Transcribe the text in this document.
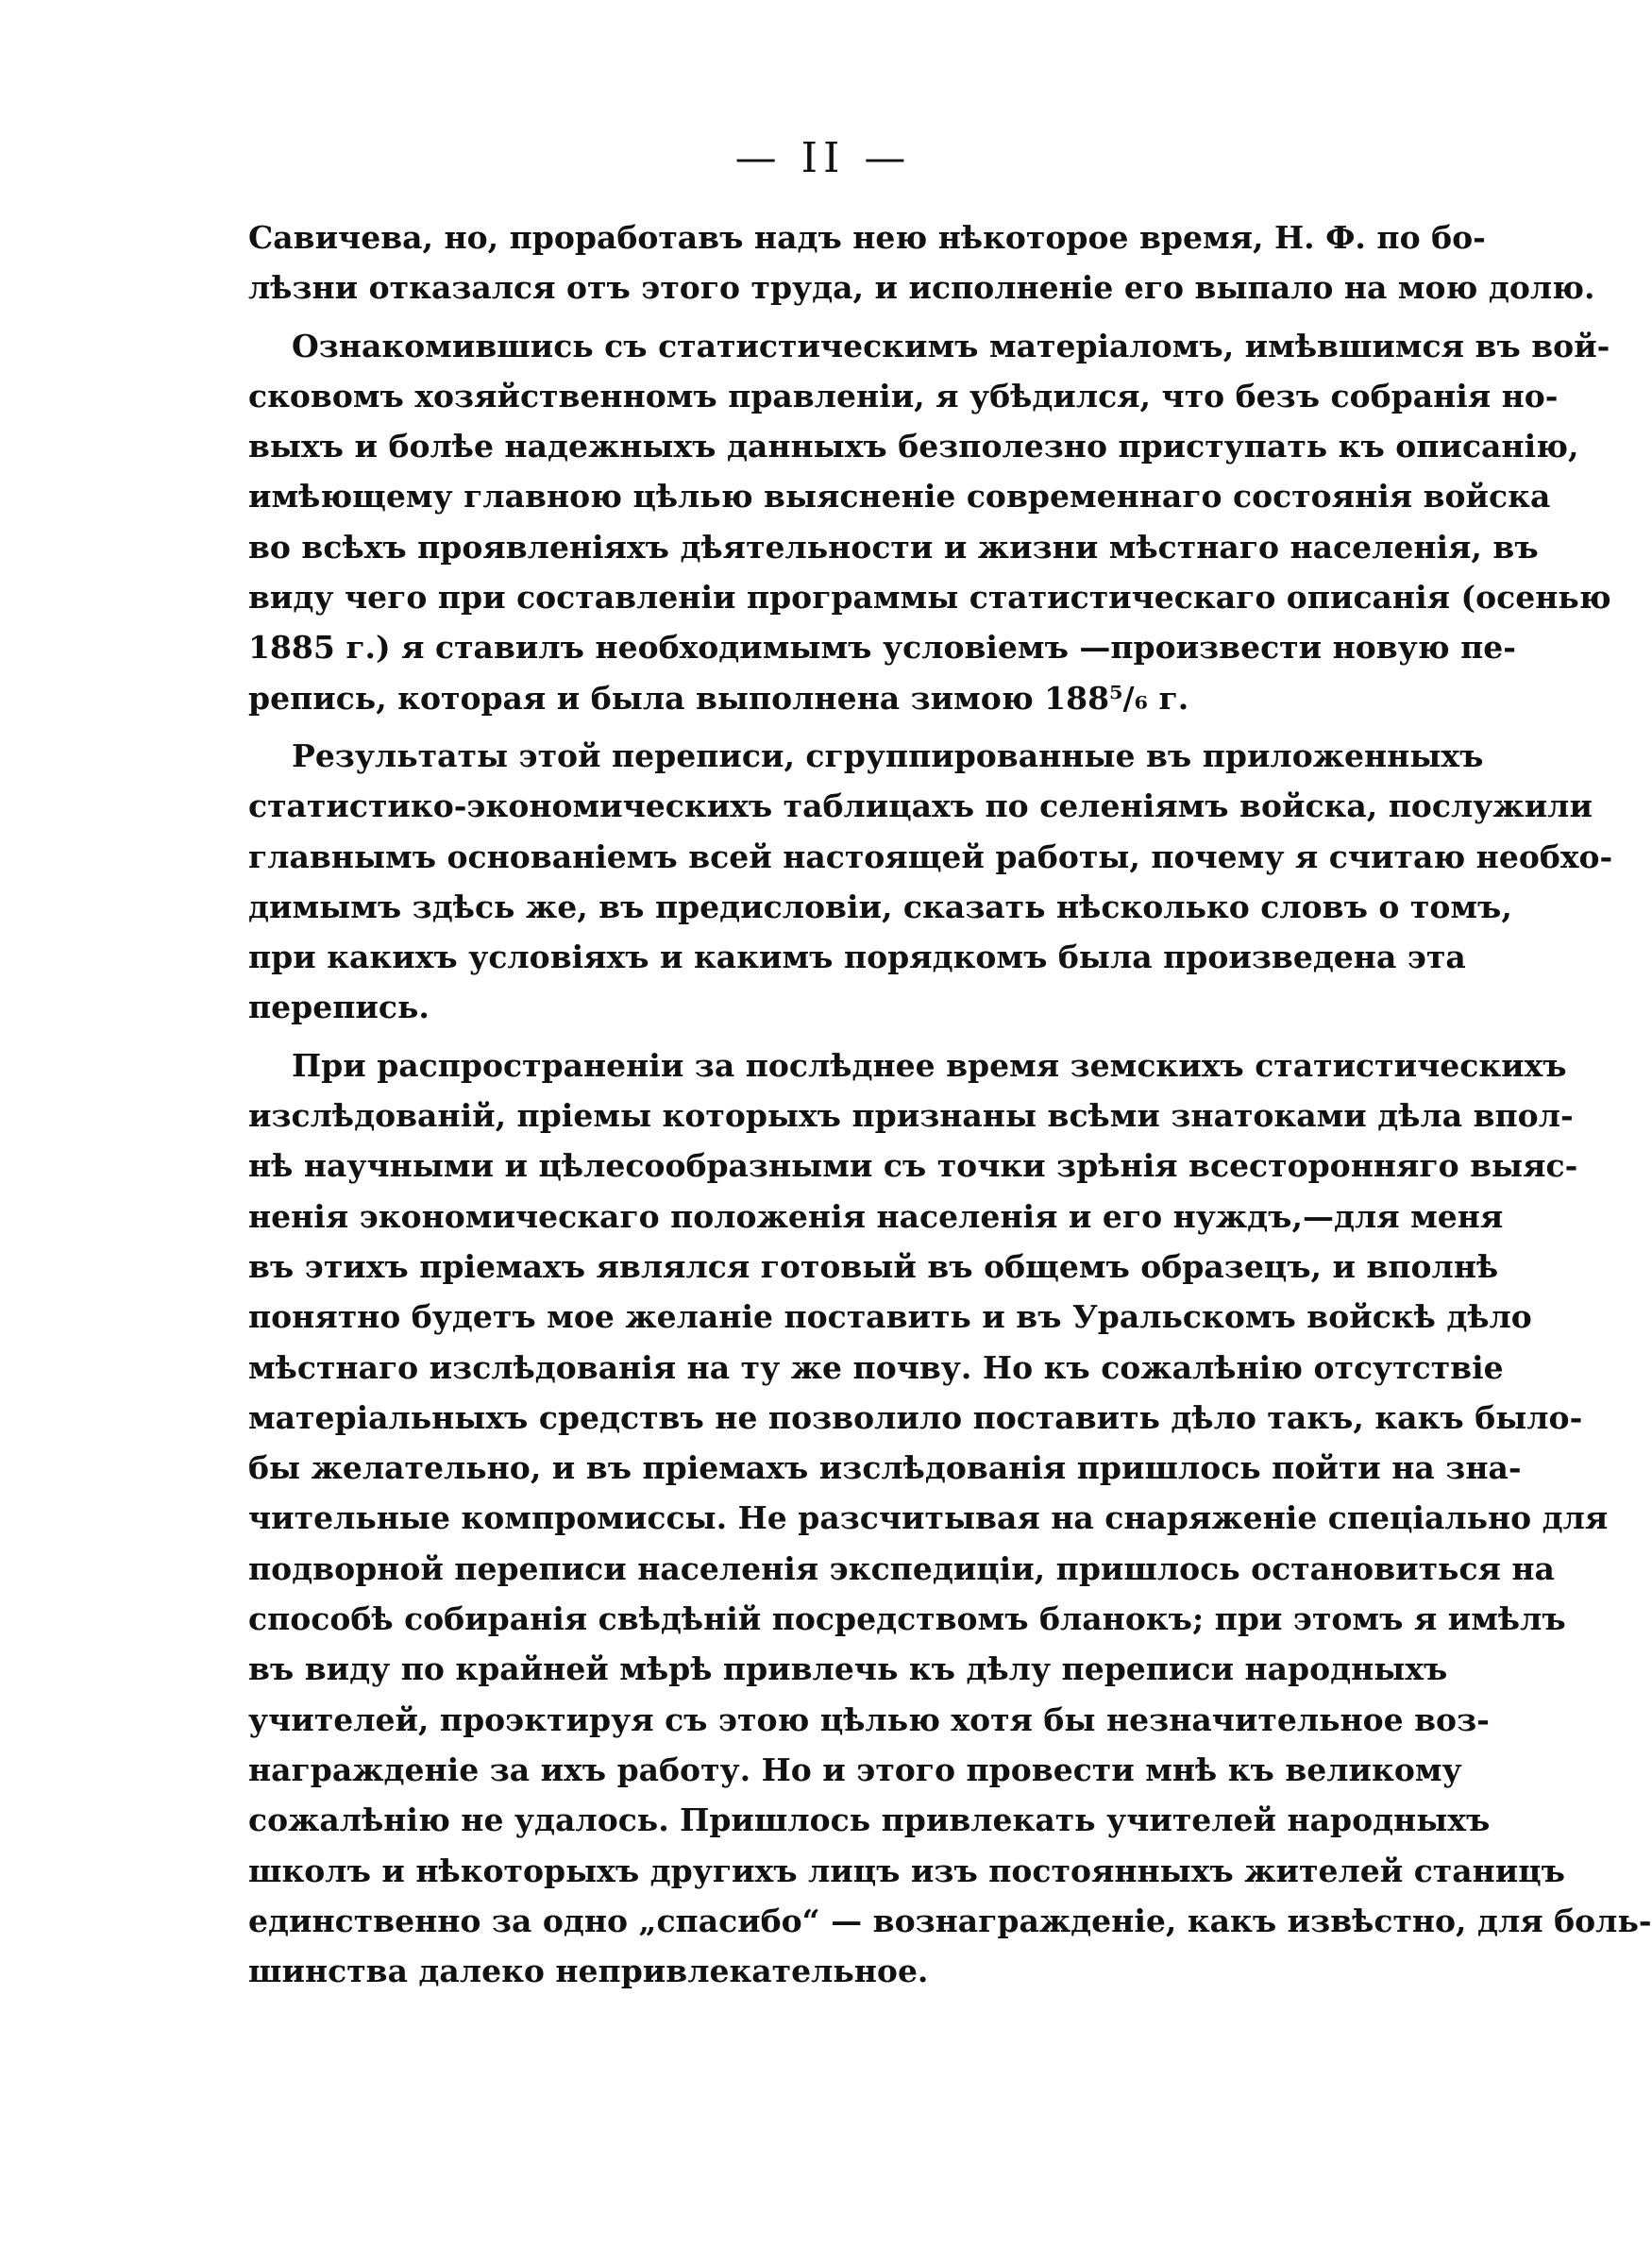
— II —

Савичева, но, проработавъ надъ нею нѣкоторое время, Н. Ф. по бо-
лѣзни отказался отъ этого труда, и исполненіе его выпало на мою долю.

Ознакомившись съ статистическимъ матеріаломъ, имѣвшимся въ вой-
сковомъ хозяйственномъ правленіи, я убѣдился, что безъ собранія но-
выхъ и болѣе надежныхъ данныхъ безполезно приступать къ описанію,
имѣющему главною цѣлью выясненіе современнаго состоянія войска
во всѣхъ проявленіяхъ дѣятельности и жизни мѣстнаго населенія, въ
виду чего при составленіи программы статистическаго описанія (осенью
1885 г.) я ставилъ необходимымъ условіемъ —произвести новую пе-
репись, которая и была выполнена зимою 188⁵/₆ г.

Результаты этой переписи, сгруппированные въ приложенныхъ
статистико-экономическихъ таблицахъ по селеніямъ войска, послужили
главнымъ основаніемъ всей настоящей работы, почему я считаю необхо-
димымъ здѣсь же, въ предисловіи, сказать нѣсколько словъ о томъ,
при какихъ условіяхъ и какимъ порядкомъ была произведена эта
перепись.

При распространеніи за послѣднее время земскихъ статистическихъ
изслѣдованій, пріемы которыхъ признаны всѣми знатоками дѣла впол-
нѣ научными и цѣлесообразными съ точки зрѣнія всесторонняго выяс-
ненія экономическаго положенія населенія и его нуждъ,—для меня
въ этихъ пріемахъ являлся готовый въ общемъ образецъ, и вполнѣ
понятно будетъ мое желаніе поставить и въ Уральскомъ войскѣ дѣло
мѣстнаго изслѣдованія на ту же почву. Но къ сожалѣнію отсутствіе
матеріальныхъ средствъ не позволило поставить дѣло такъ, какъ было-
бы желательно, и въ пріемахъ изслѣдованія пришлось пойти на зна-
чительные компромиссы. Не разсчитывая на снаряженіе спеціально для
подворной переписи населенія экспедиціи, пришлось остановиться на
способѣ собиранія свѣдѣній посредствомъ бланокъ; при этомъ я имѣлъ
въ виду по крайней мѣрѣ привлечь къ дѣлу переписи народныхъ
учителей, проэктируя съ этою цѣлью хотя бы незначительное воз-
награжденіе за ихъ работу. Но и этого провести мнѣ къ великому
сожалѣнію не удалось. Пришлось привлекать учителей народныхъ
школъ и нѣкоторыхъ другихъ лицъ изъ постоянныхъ жителей станицъ
единственно за одно „спасибо“ — вознагражденіе, какъ извѣстно, для боль-
шинства далеко непривлекательное.
